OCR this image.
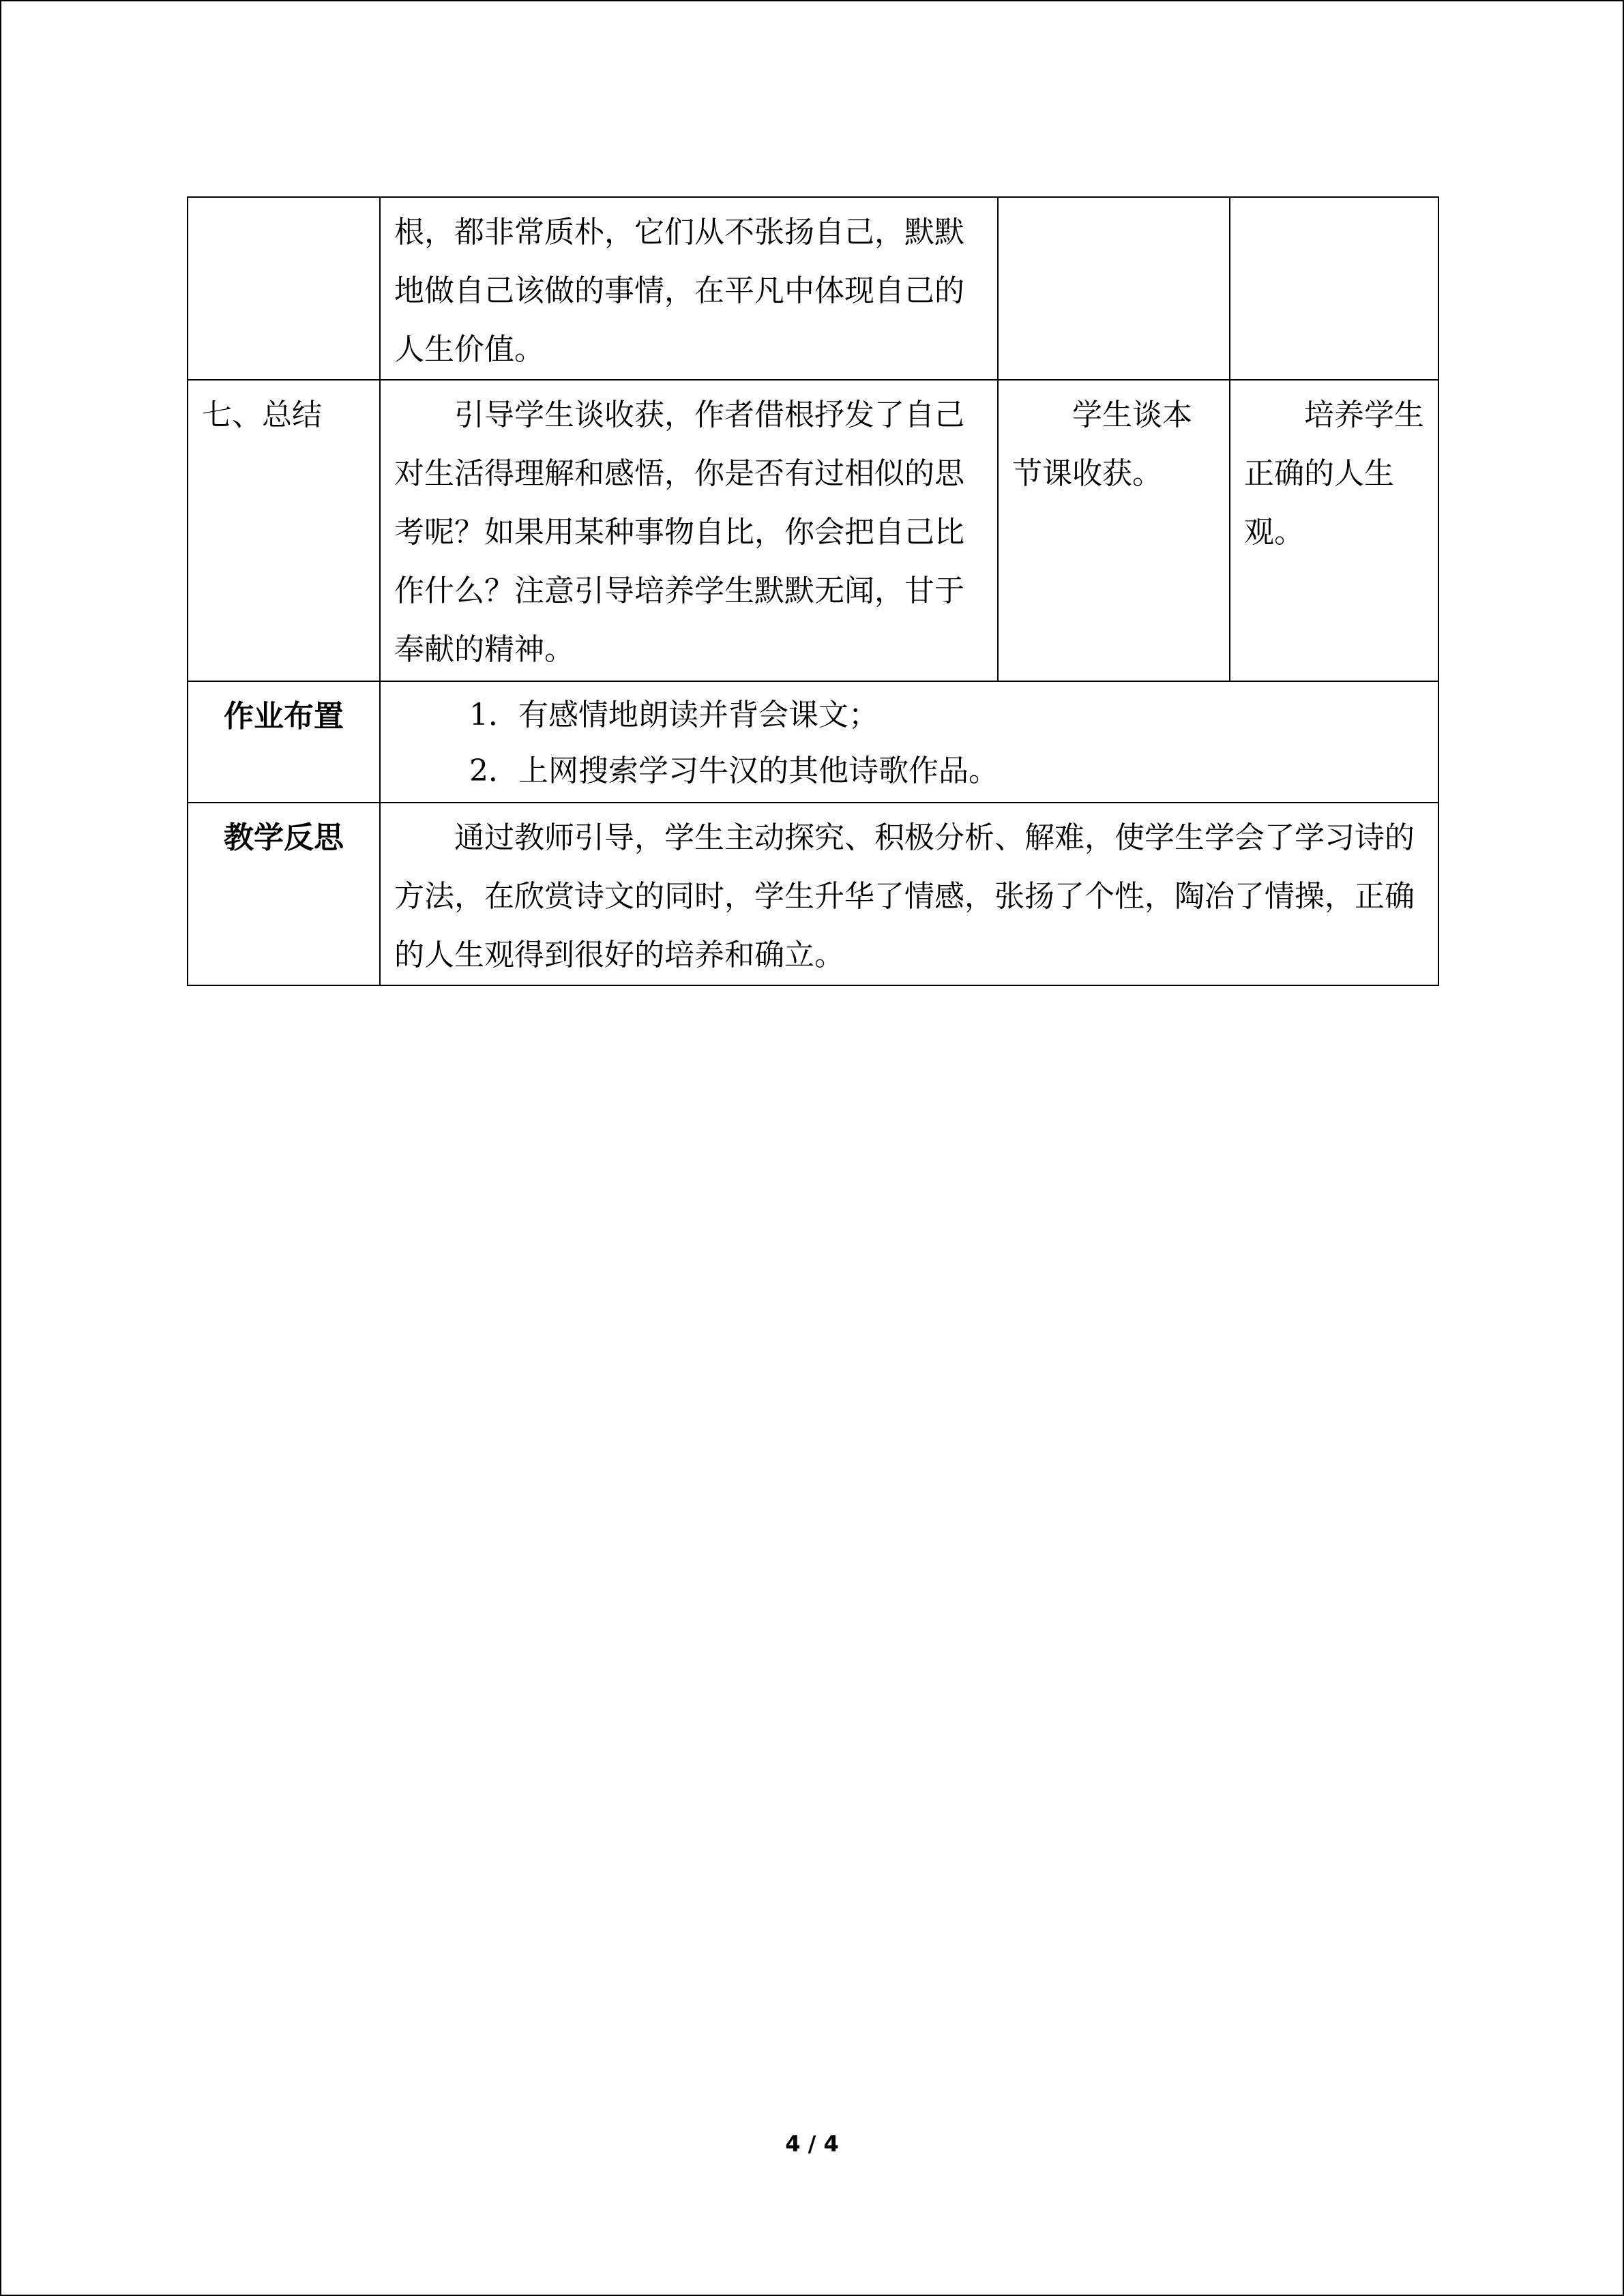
	根，都非常质朴，它们从不张扬自己，默默地做自己该做的事情，在平凡中体现自己的人生价值。		
七、总结	引导学生谈收获，作者借根抒发了自己对生活得理解和感悟，你是否有过相似的思考呢？如果用某种事物自比，你会把自己比作什么？注意引导培养学生默默无闻，甘于奉献的精神。	学生谈本节课收获。	培养学生正确的人生观。
作业布置	1．有感情地朗读并背会课文；
2．上网搜索学习牛汉的其他诗歌作品。		

教学反思	通过教师引导，学生主动探究、积极分析、解难，使学生学会了学习诗的方法，在欣赏诗文的同时，学生升华了情感，张扬了个性，陶冶了情操，正确的人生观得到很好的培养和确立。		
4 / 4
